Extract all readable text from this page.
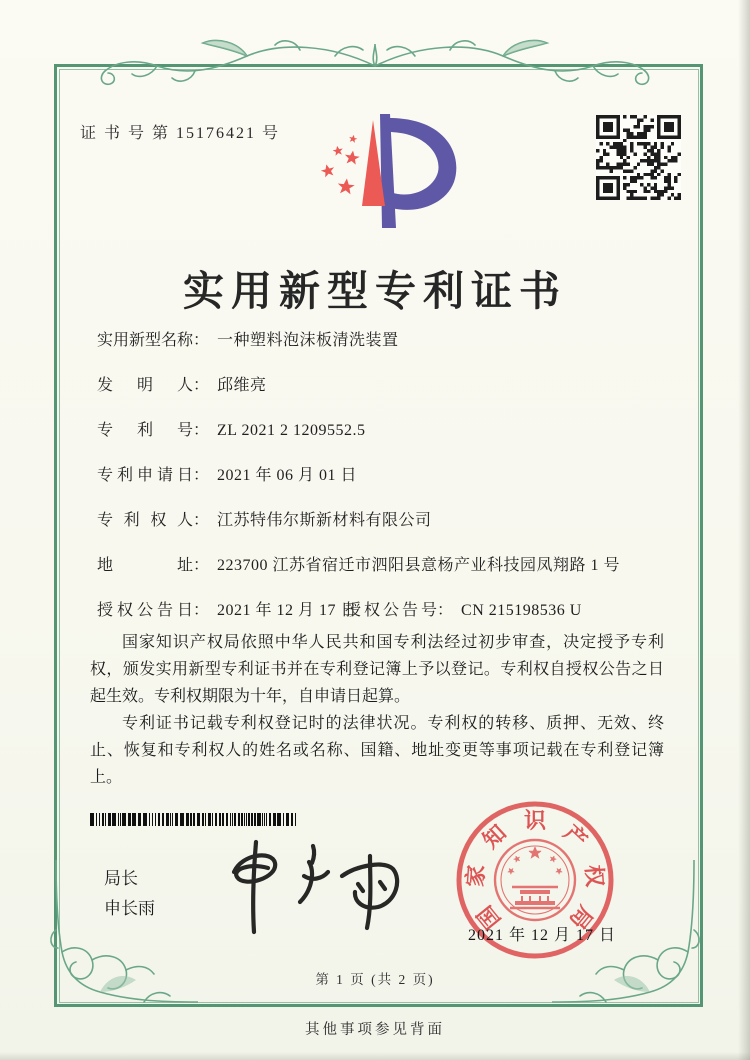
证 书 号 第 15176421 号
实用新型专利证书
实用新型名称： 一种塑料泡沫板清洗装置
发明人： 邱维亮
专利号： ZL 2021 2 1209552.5
专利申请日： 2021 年 06 月 01 日
专利权人： 江苏特伟尔斯新材料有限公司
地址： 223700 江苏省宿迁市泗阳县意杨产业科技园凤翔路 1 号
授权公告日： 2021 年 12 月 17 日
授权公告号： CN 215198536 U

国家知识产权局依照中华人民共和国专利法经过初步审查，决定授予专利权，颁发实用新型专利证书并在专利登记簿上予以登记。专利权自授权公告之日起生效。专利权期限为十年，自申请日起算。

专利证书记载专利权登记时的法律状况。专利权的转移、质押、无效、终止、恢复和专利权人的姓名或名称、国籍、地址变更等事项记载在专利登记簿上。

局长
申长雨	国
家
知 识 产
权
局
2021 年 12 月 17 日
第 1 页 (共 2 页)
其他事项参见背面
